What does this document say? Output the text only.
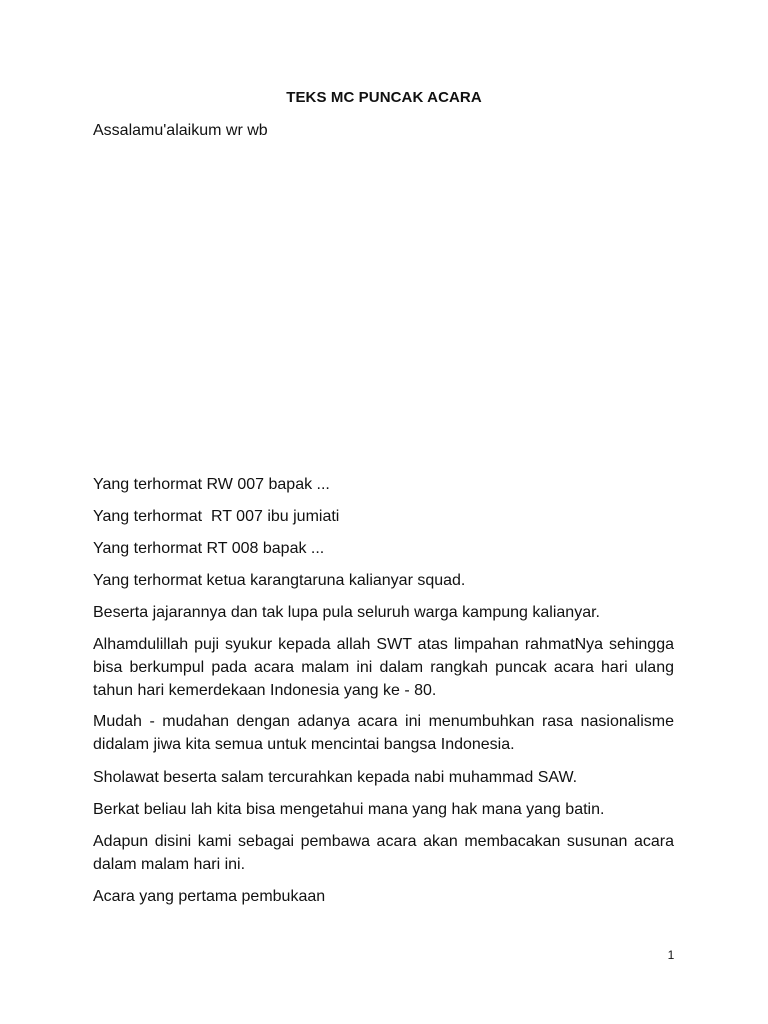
TEKS MC PUNCAK ACARA

Assalamu'alaikum wr wb

Yang terhormat RW 007 bapak ...

Yang terhormat  RT 007 ibu jumiati

Yang terhormat RT 008 bapak ...

Yang terhormat ketua karangtaruna kalianyar squad.

Beserta jajarannya dan tak lupa pula seluruh warga kampung kalianyar.

Alhamdulillah puji syukur kepada allah SWT atas limpahan rahmatNya sehingga bisa berkumpul pada acara malam ini dalam rangkah puncak acara hari ulang tahun hari kemerdekaan Indonesia yang ke - 80.

Mudah - mudahan dengan adanya acara ini menumbuhkan rasa nasionalisme didalam jiwa kita semua untuk mencintai bangsa Indonesia.

Sholawat beserta salam tercurahkan kepada nabi muhammad SAW.

Berkat beliau lah kita bisa mengetahui mana yang hak mana yang batin.

Adapun disini kami sebagai pembawa acara akan membacakan susunan acara dalam malam hari ini.

Acara yang pertama pembukaan

1
